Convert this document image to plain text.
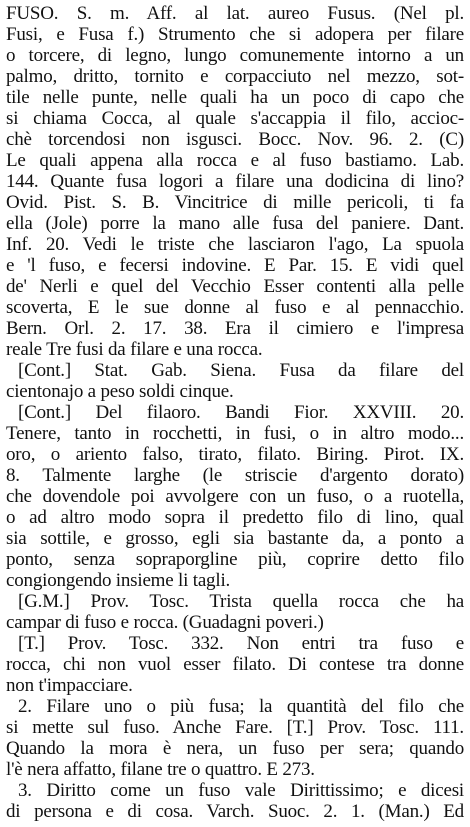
FUSO. S. m. Aff. al lat. aureo Fusus. (Nel pl.
Fusi, e Fusa f.) Strumento che si adopera per filare
o torcere, di legno, lungo comunemente intorno a un
palmo, dritto, tornito e corpacciuto nel mezzo, sot-
tile nelle punte, nelle quali ha un poco di capo che
si chiama Cocca, al quale s'accappia il filo, accioc-
chè torcendosi non isgusci. Bocc. Nov. 96. 2. (C)
Le quali appena alla rocca e al fuso bastiamo. Lab.
144. Quante fusa logori a filare una dodicina di lino?
Ovid. Pist. S. B. Vincitrice di mille pericoli, ti fa
ella (Jole) porre la mano alle fusa del paniere. Dant.
Inf. 20. Vedi le triste che lasciaron l'ago, La spuola
e 'l fuso, e fecersi indovine. E Par. 15. E vidi quel
de' Nerli e quel del Vecchio Esser contenti alla pelle
scoverta, E le sue donne al fuso e al pennacchio.
Bern. Orl. 2. 17. 38. Era il cimiero e l'impresa
reale Tre fusi da filare e una rocca.
[Cont.] Stat. Gab. Siena. Fusa da filare del
cientonajo a peso soldi cinque.
[Cont.] Del filaoro. Bandi Fior. XXVIII. 20.
Tenere, tanto in rocchetti, in fusi, o in altro modo...
oro, o ariento falso, tirato, filato. Biring. Pirot. IX.
8. Talmente larghe (le striscie d'argento dorato)
che dovendole poi avvolgere con un fuso, o a ruotella,
o ad altro modo sopra il predetto filo di lino, qual
sia sottile, e grosso, egli sia bastante da, a ponto a
ponto, senza sopraporgline più, coprire detto filo
congiongendo insieme li tagli.
[G.M.] Prov. Tosc. Trista quella rocca che ha
campar di fuso e rocca. (Guadagni poveri.)
[T.] Prov. Tosc. 332. Non entri tra fuso e
rocca, chi non vuol esser filato. Di contese tra donne
non t'impacciare.
2. Filare uno o più fusa; la quantità del filo che
si mette sul fuso. Anche Fare. [T.] Prov. Tosc. 111.
Quando la mora è nera, un fuso per sera; quando
l'è nera affatto, filane tre o quattro. E 273.
3. Diritto come un fuso vale Dirittissimo; e dicesi
di persona e di cosa. Varch. Suoc. 2. 1. (Man.) Ed
